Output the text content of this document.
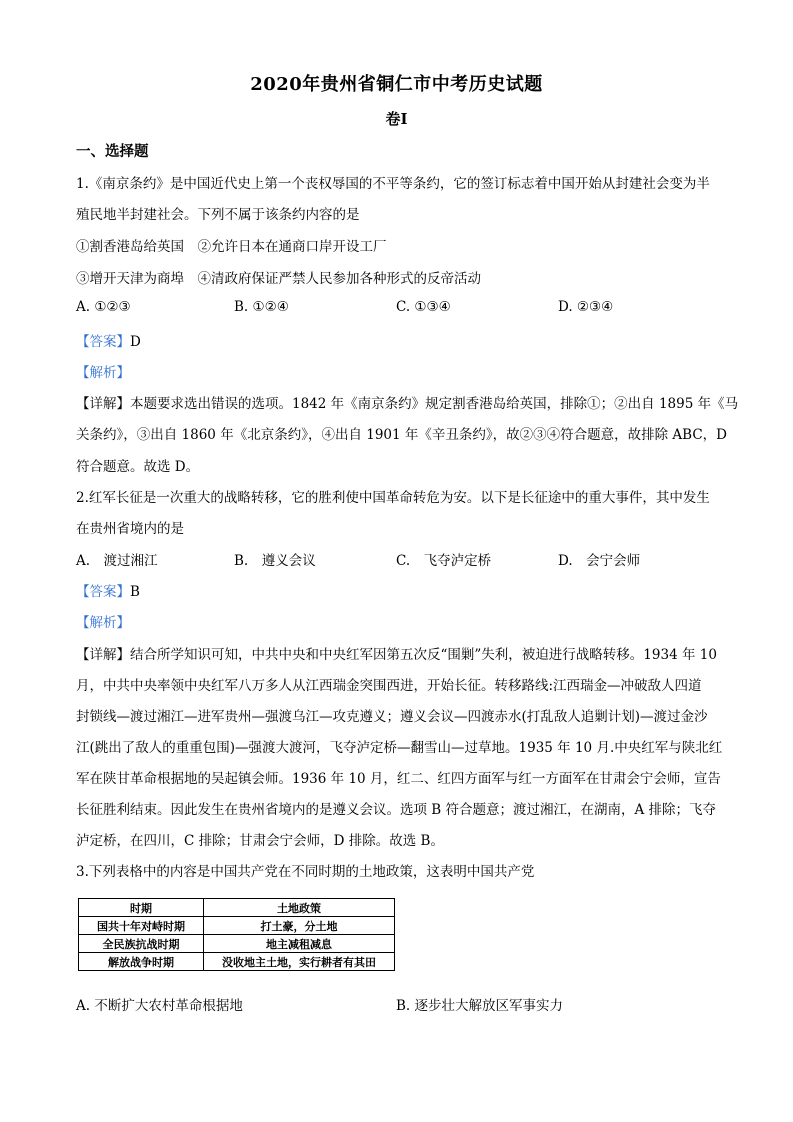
2020年贵州省铜仁市中考历史试题
卷Ⅰ
一、选择题
1.《南京条约》是中国近代史上第一个丧权辱国的不平等条约，它的签订标志着中国开始从封建社会变为半
殖民地半封建社会。下列不属于该条约内容的是
①割香港岛给英国　②允许日本在通商口岸开设工厂
③增开天津为商埠　④清政府保证严禁人民参加各种形式的反帝活动
A. ①②③	B. ①②④	C. ①③④	D. ②③④
【答案】D
【解析】
【详解】本题要求选出错误的选项。1842 年《南京条约》规定割香港岛给英国，排除①；②出自 1895 年《马
关条约》，③出自 1860 年《北京条约》，④出自 1901 年《辛丑条约》，故②③④符合题意，故排除 ABC，D
符合题意。故选 D。
2.红军长征是一次重大的战略转移，它的胜利使中国革命转危为安。以下是长征途中的重大事件，其中发生
在贵州省境内的是
A.　渡过湘江	B.　遵义会议	C.　飞夺泸定桥	D.　会宁会师
【答案】B
【解析】
【详解】结合所学知识可知，中共中央和中央红军因第五次反“围剿”失利，被迫进行战略转移。1934 年 10
月，中共中央率领中央红军八万多人从江西瑞金突围西进，开始长征。转移路线:江西瑞金—冲破敌人四道
封锁线—渡过湘江—进军贵州—强渡乌江—攻克遵义；遵义会议—四渡赤水(打乱敌人追剿计划)—渡过金沙
江(跳出了敌人的重重包围)—强渡大渡河，飞夺泸定桥—翻雪山—过草地。1935 年 10 月.中央红军与陕北红
军在陕甘革命根据地的吴起镇会师。1936 年 10 月，红二、红四方面军与红一方面军在甘肃会宁会师，宣告
长征胜利结束。因此发生在贵州省境内的是遵义会议。选项 B 符合题意；渡过湘江，在湖南，A 排除；飞夺
泸定桥，在四川，C 排除；甘肃会宁会师，D 排除。故选 B。
3.下列表格中的内容是中国共产党在不同时期的土地政策，这表明中国共产党
时期	土地政策
国共十年对峙时期	打土豪，分土地
全民族抗战时期	地主减租减息
解放战争时期	没收地主土地，实行耕者有其田
A. 不断扩大农村革命根据地	B. 逐步壮大解放区军事实力
